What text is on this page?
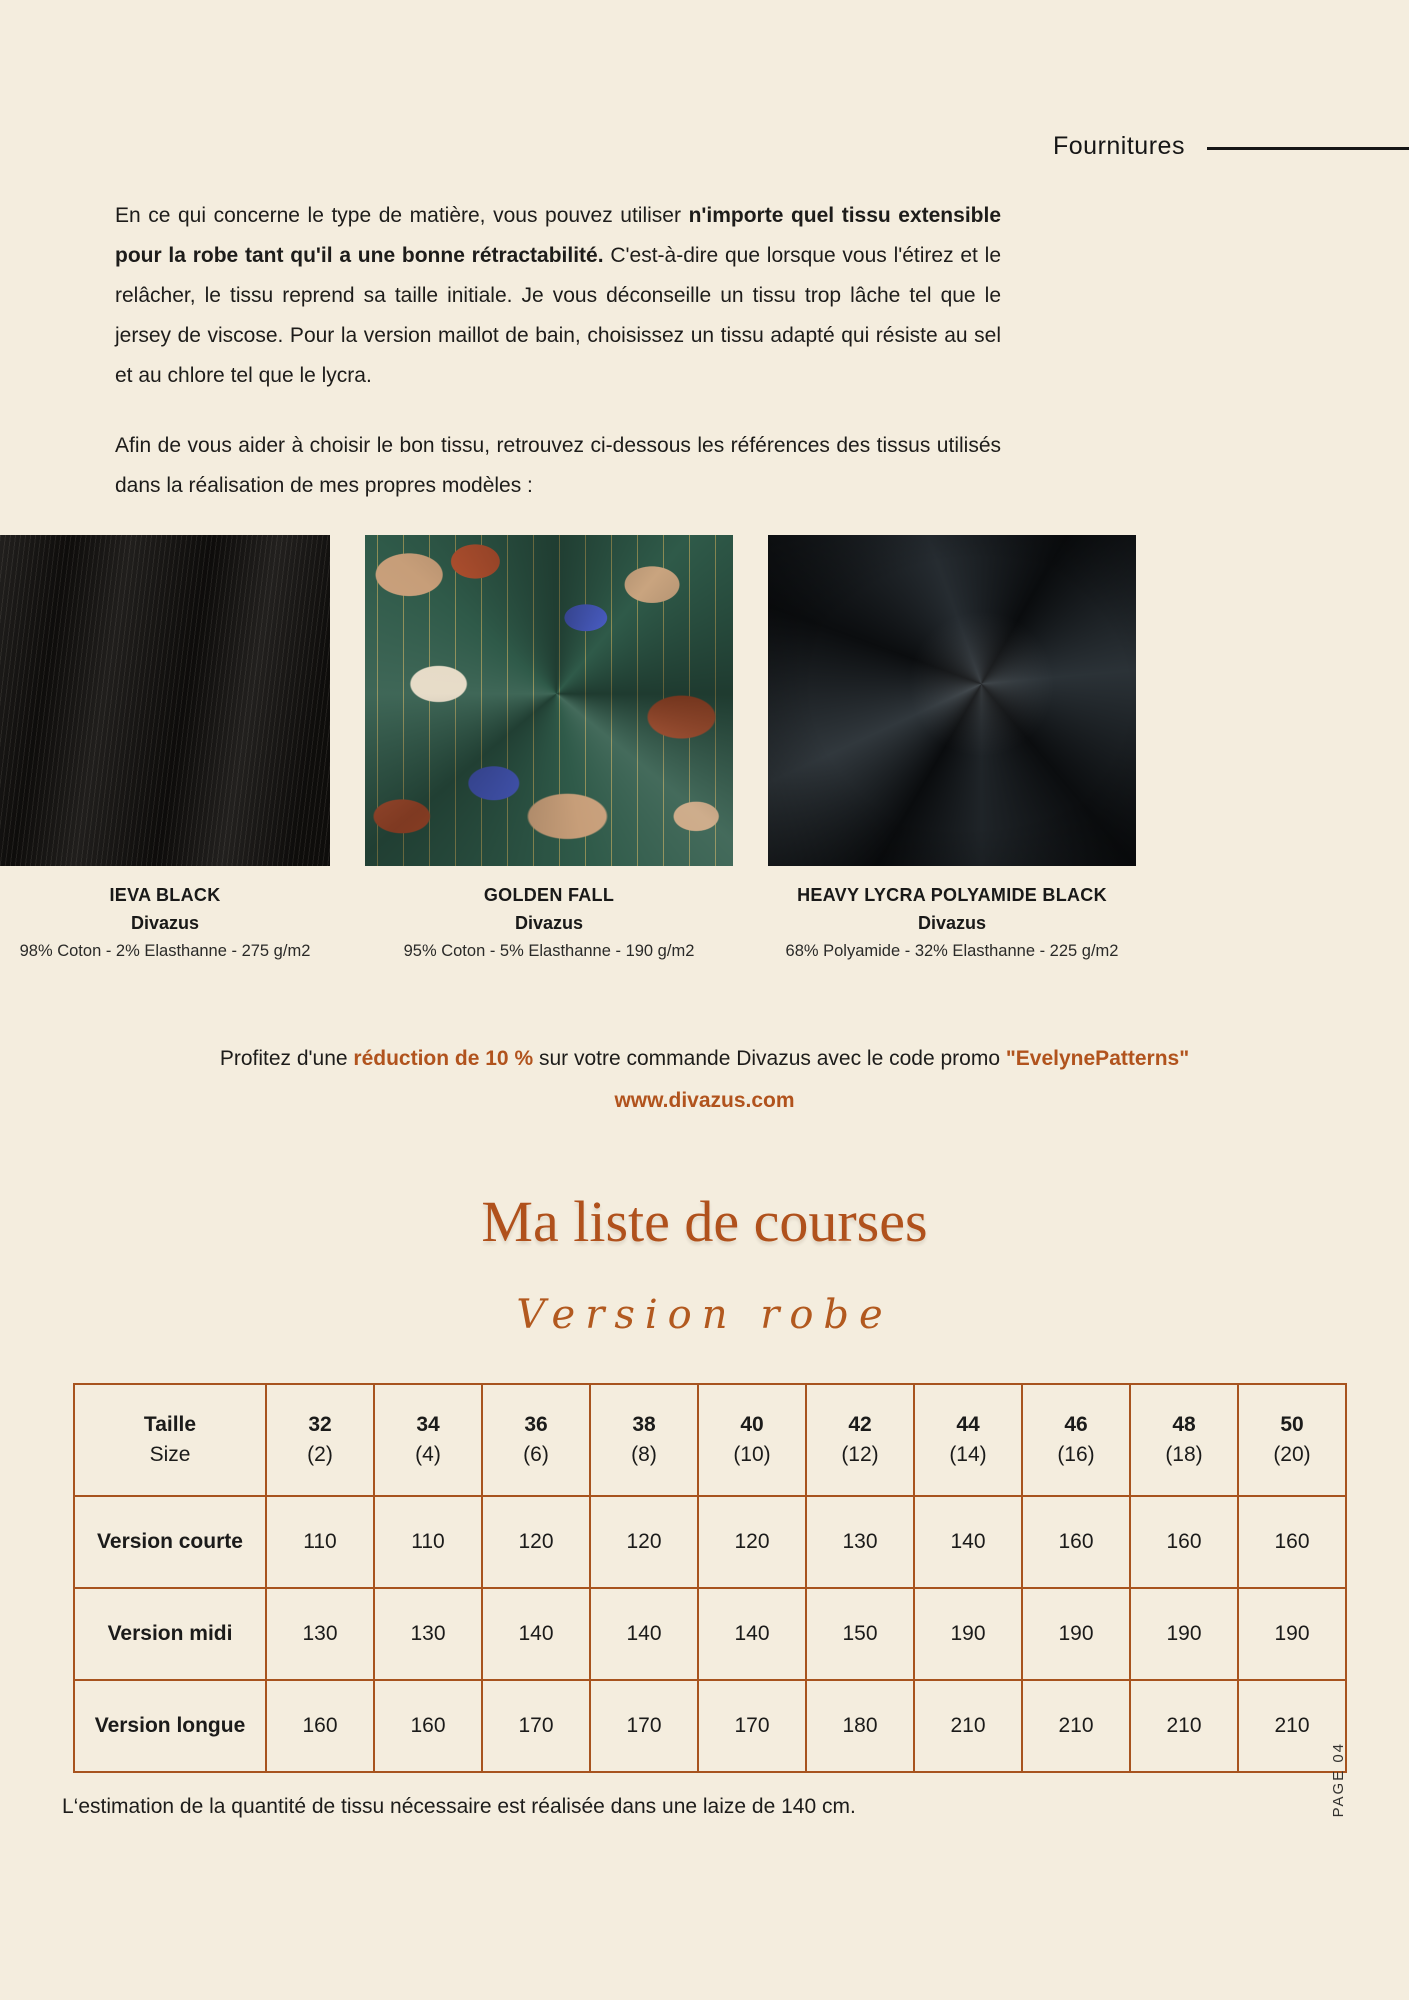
Fournitures

En ce qui concerne le type de matière, vous pouvez utiliser n'importe quel tissu extensible pour la robe tant qu'il a une bonne rétractabilité. C'est-à-dire que lorsque vous l'étirez et le relâcher, le tissu reprend sa taille initiale. Je vous déconseille un tissu trop lâche tel que le jersey de viscose. Pour la version maillot de bain, choisissez un tissu adapté qui résiste au sel et au chlore tel que le lycra.

Afin de vous aider à choisir le bon tissu, retrouvez ci-dessous les références des tissus utilisés dans la réalisation de mes propres modèles :

IEVA BLACK
Divazus
98% Coton - 2% Elasthanne - 275 g/m2
GOLDEN FALL
Divazus
95% Coton - 5% Elasthanne - 190 g/m2
HEAVY LYCRA POLYAMIDE BLACK
Divazus
68% Polyamide - 32% Elasthanne - 225 g/m2
Profitez d'une réduction de 10 % sur votre commande Divazus avec le code promo "EvelynePatterns"
www.divazus.com
Ma liste de courses
Version robe
Taille
Size

32
(2)

34
(4)

36
(6)

38
(8)

40
(10)

42
(12)

44
(14)

46
(16)

48
(18)

50
(20)

Version courte	110	110	120	120	120	130	140	160	160	160
Version midi	130	130	140	140	140	150	190	190	190	190
Version longue	160	160	170	170	170	180	210	210	210	210
L‘estimation de la quantité de tissu nécessaire est réalisée dans une laize de 140 cm.	PAGE 04
